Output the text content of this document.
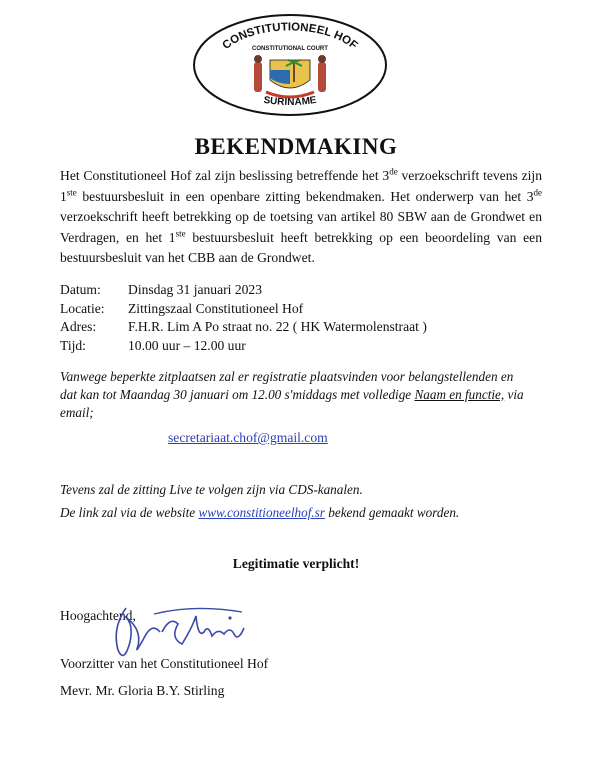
CONSTITUTIONEEL HOF
CONSTITUTIONAL COURT
SURINAME
BEKENDMAKING
Het Constitutioneel Hof zal zijn beslissing betreffende het 3de verzoekschrift tevens zijn 1ste bestuursbesluit in een openbare zitting bekendmaken. Het onderwerp van het 3de verzoekschrift heeft betrekking op de toetsing van artikel 80 SBW aan de Grondwet en Verdragen, en het 1ste bestuursbesluit heeft betrekking op een beoordeling van een bestuursbesluit van het CBB aan de Grondwet.
Datum: Dinsdag 31 januari 2023
Locatie: Zittingszaal Constitutioneel Hof
Adres: F.H.R. Lim A Po straat no. 22 ( HK Watermolenstraat )
Tijd:	10.00 uur – 12.00 uur
Vanwege beperkte zitplaatsen zal er registratie plaatsvinden voor belangstellenden en dat kan tot Maandag 30 januari om 12.00 s'middags met volledige Naam en functie, via email;
secretariaat.chof@gmail.com
Tevens zal de zitting Live te volgen zijn via CDS-kanalen.
De link zal via de website www.constitioneelhof.sr bekend gemaakt worden.
Legitimatie verplicht!
Hoogachtend,
Voorzitter van het Constitutioneel Hof
Mevr. Mr. Gloria B.Y. Stirling
